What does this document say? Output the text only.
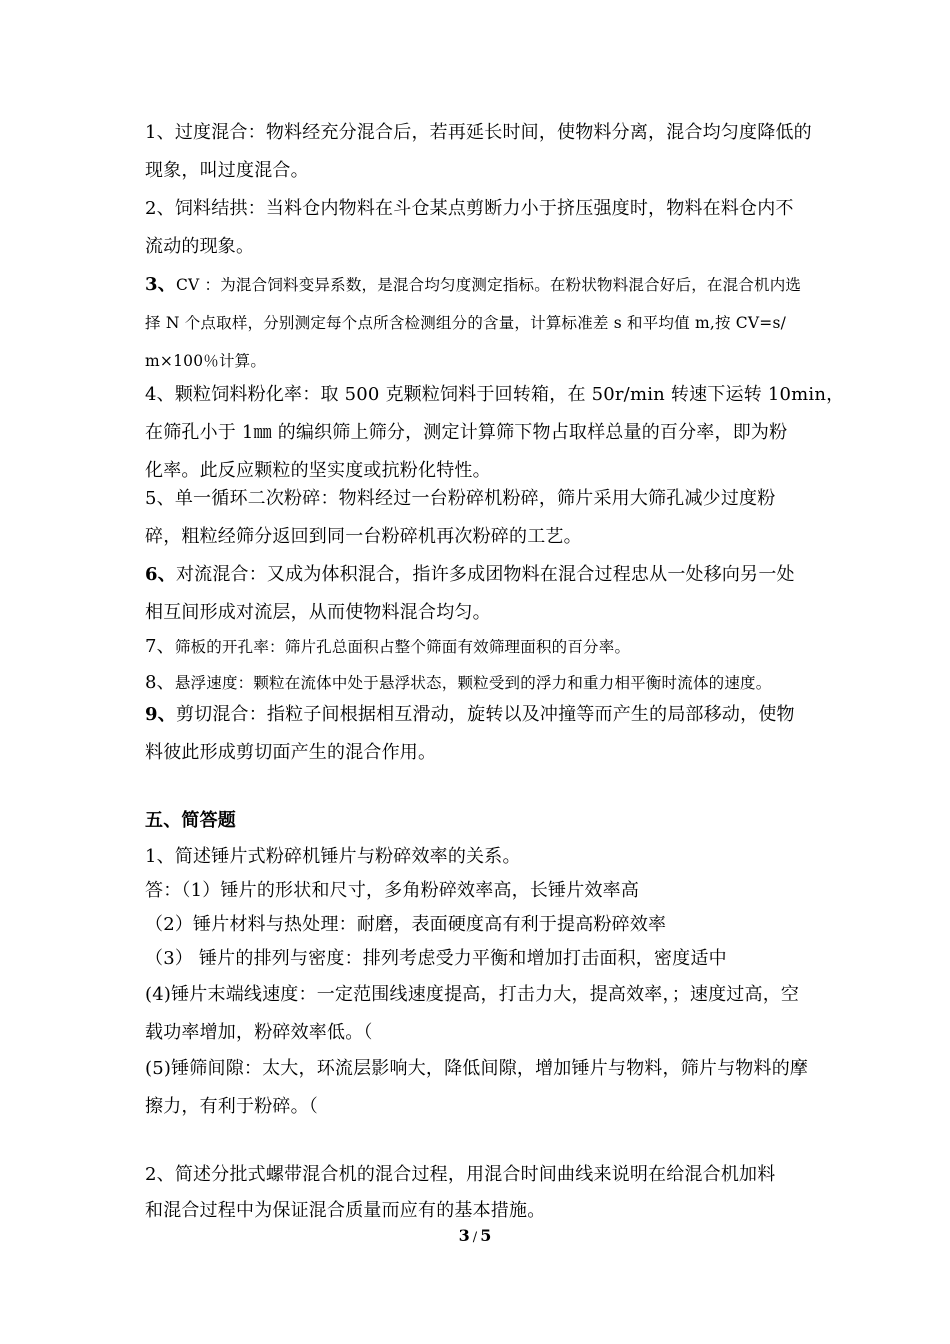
1、过度混合：物料经充分混合后，若再延长时间，使物料分离，混合均匀度降低的
现象，叫过度混合。
2、饲料结拱：当料仓内物料在斗仓某点剪断力小于挤压强度时，物料在料仓内不
流动的现象。
3、CV ：为混合饲料变异系数，是混合均匀度测定指标。在粉状物料混合好后，在混合机内选
择 N 个点取样，分别测定每个点所含检测组分的含量，计算标准差 s 和平均值 m,按 CV=s/
m×100％计算。
4、颗粒饲料粉化率：取 500 克颗粒饲料于回转箱，在 50r/min 转速下运转 10min，
在筛孔小于 1㎜ 的编织筛上筛分，测定计算筛下物占取样总量的百分率，即为粉
化率。此反应颗粒的坚实度或抗粉化特性。
5、单一循环二次粉碎：物料经过一台粉碎机粉碎，筛片采用大筛孔减少过度粉
碎，粗粒经筛分返回到同一台粉碎机再次粉碎的工艺。
6、对流混合：又成为体积混合，指许多成团物料在混合过程忠从一处移向另一处
相互间形成对流层，从而使物料混合均匀。
7、筛板的开孔率：筛片孔总面积占整个筛面有效筛理面积的百分率。
8、悬浮速度：颗粒在流体中处于悬浮状态，颗粒受到的浮力和重力相平衡时流体的速度。
9、剪切混合：指粒子间根据相互滑动，旋转以及冲撞等而产生的局部移动，使物
料彼此形成剪切面产生的混合作用。
五、简答题
1、简述锤片式粉碎机锤片与粉碎效率的关系。
答：（1）锤片的形状和尺寸，多角粉碎效率高，长锤片效率高
（2）锤片材料与热处理：耐磨，表面硬度高有利于提高粉碎效率
（3） 锤片的排列与密度：排列考虑受力平衡和增加打击面积，密度适中
(4)锤片末端线速度：一定范围线速度提高，打击力大，提高效率，；速度过高，空
载功率增加，粉碎效率低。（
(5)锤筛间隙：太大，环流层影响大，降低间隙，增加锤片与物料，筛片与物料的摩
擦力，有利于粉碎。（
2、简述分批式螺带混合机的混合过程，用混合时间曲线来说明在给混合机加料
和混合过程中为保证混合质量而应有的基本措施。
3 / 5
